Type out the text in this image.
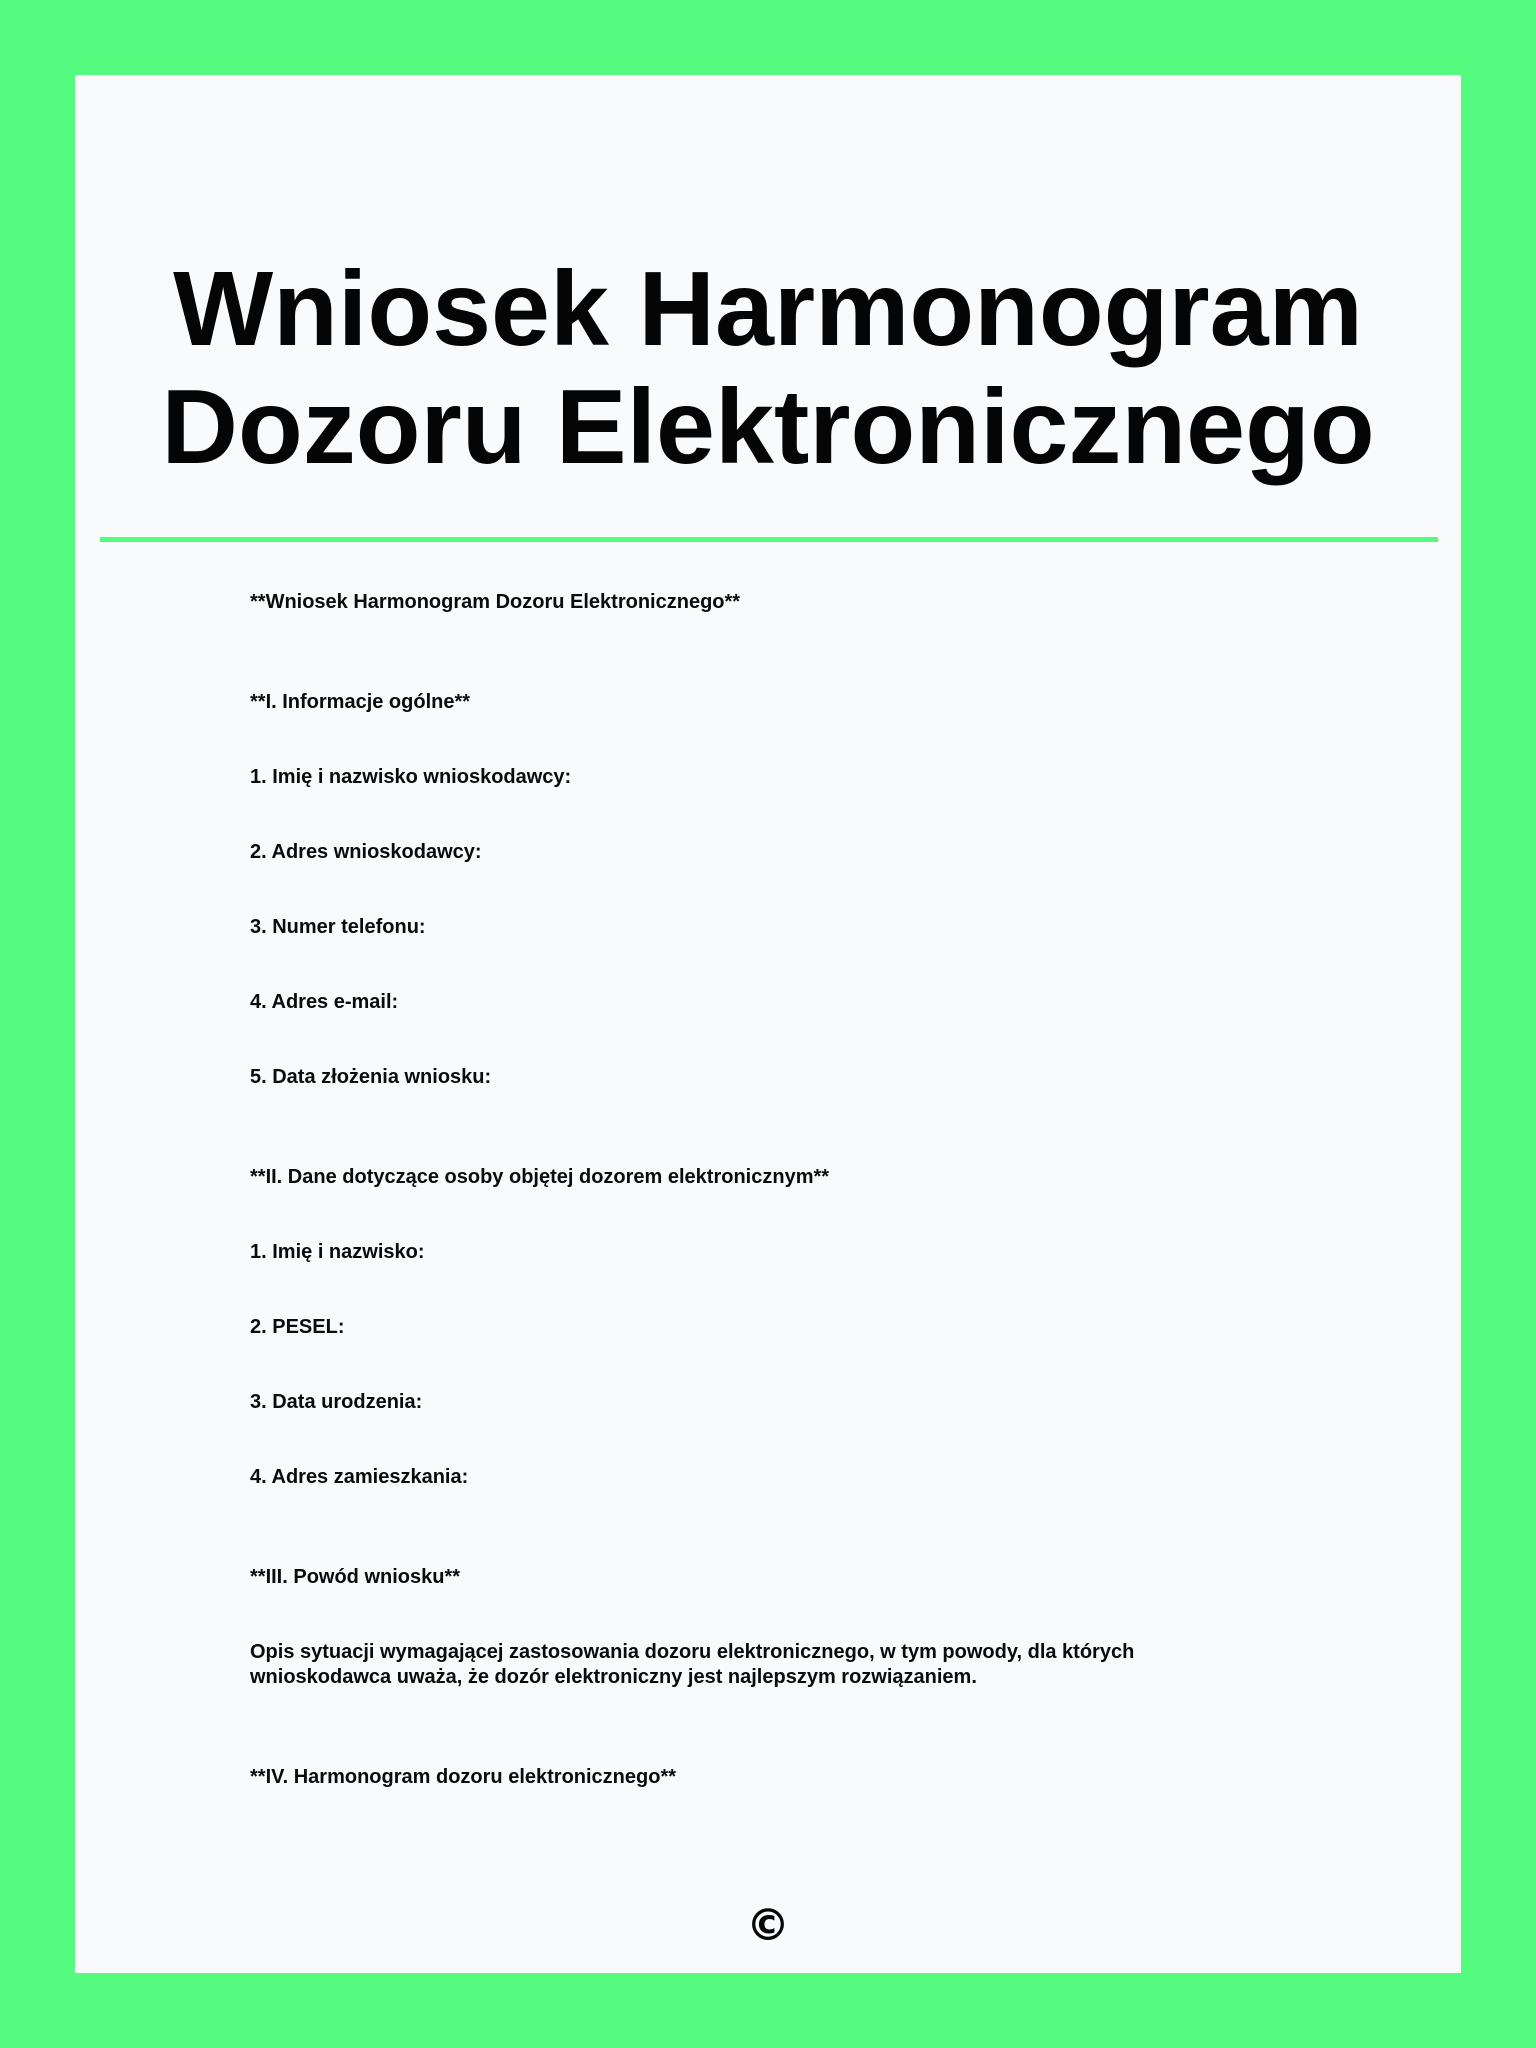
Wniosek Harmonogram
Dozoru Elektronicznego

**Wniosek Harmonogram Dozoru Elektronicznego**

**I. Informacje ogólne**

1. Imię i nazwisko wnioskodawcy:

2. Adres wnioskodawcy:

3. Numer telefonu:

4. Adres e-mail:

5. Data złożenia wniosku:

**II. Dane dotyczące osoby objętej dozorem elektronicznym**

1. Imię i nazwisko:

2. PESEL:

3. Data urodzenia:

4. Adres zamieszkania:

**III. Powód wniosku**

Opis sytuacji wymagającej zastosowania dozoru elektronicznego, w tym powody, dla których wnioskodawca uważa, że dozór elektroniczny jest najlepszym rozwiązaniem.

**IV. Harmonogram dozoru elektronicznego**

©
